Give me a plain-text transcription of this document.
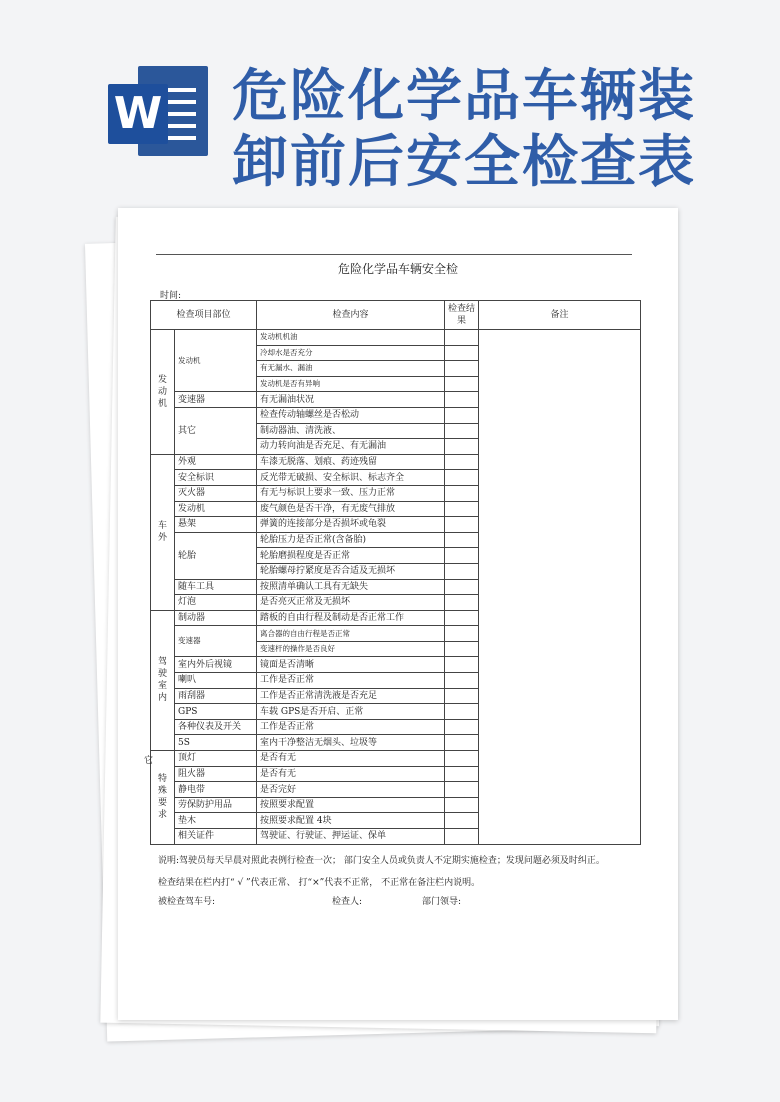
W 危险化学品车辆装
卸前后安全检查表
危险化学品车辆安全检
时间:
检查项目部位		检查内容	检查结果	备注
发动机	发动机	发动机机油		
		冷却水是否充分		
		有无漏水、漏油		
		发动机是否有异响		
	变速器	有无漏油状况		
	其它	检查传动轴螺丝是否松动		
		制动器油、清洗液、		
		动力转向油是否充足、有无漏油		
车外	外观	车漆无脱落、划痕、药迹残留		
	安全标识	反光带无破损、安全标识、标志齐全		
	灭火器	有无与标识上要求一致、压力正常		
	发动机	废气颜色是否干净，有无废气排放		
	悬架	弹簧的连接部分是否损坏或龟裂		
	轮胎	轮胎压力是否正常(含备胎)		
		轮胎磨损程度是否正常		
		轮胎螺母拧紧度是否合适及无损坏		
	随车工具	按照清单确认工具有无缺失		
	灯泡	是否亮灭正常及无损坏		
驾驶室内	制动器	踏板的自由行程及制动是否正常工作		
	变速器	离合器的自由行程是否正常		
		变速杆的操作是否良好		
	室内外后视镜	镜面是否清晰		
	喇叭	工作是否正常		
	雨刮器	工作是否正常清洗液是否充足		
	GPS	车载 GPS是否开启、正常		
	各种仪表及开关	工作是否正常		
	5S	室内干净整洁无烟头、垃圾等		
特殊要求	顶灯	是否有无		
	阻火器	是否有无		
	静电带	是否完好		
	劳保防护用品	按照要求配置		
	垫木	按照要求配置 4块		
	相关证件	驾驶证、行驶证、押运证、保单		
它
说明:驾驶员每天早晨对照此表例行检查一次； 部门安全人员或负责人不定期实施检查；发现问题必须及时纠正。
检查结果在栏内打“ √ ”代表正常、 打“×”代表不正常， 不正常在备注栏内说明。
被检查驾车号:	检查人:	部门领导:
